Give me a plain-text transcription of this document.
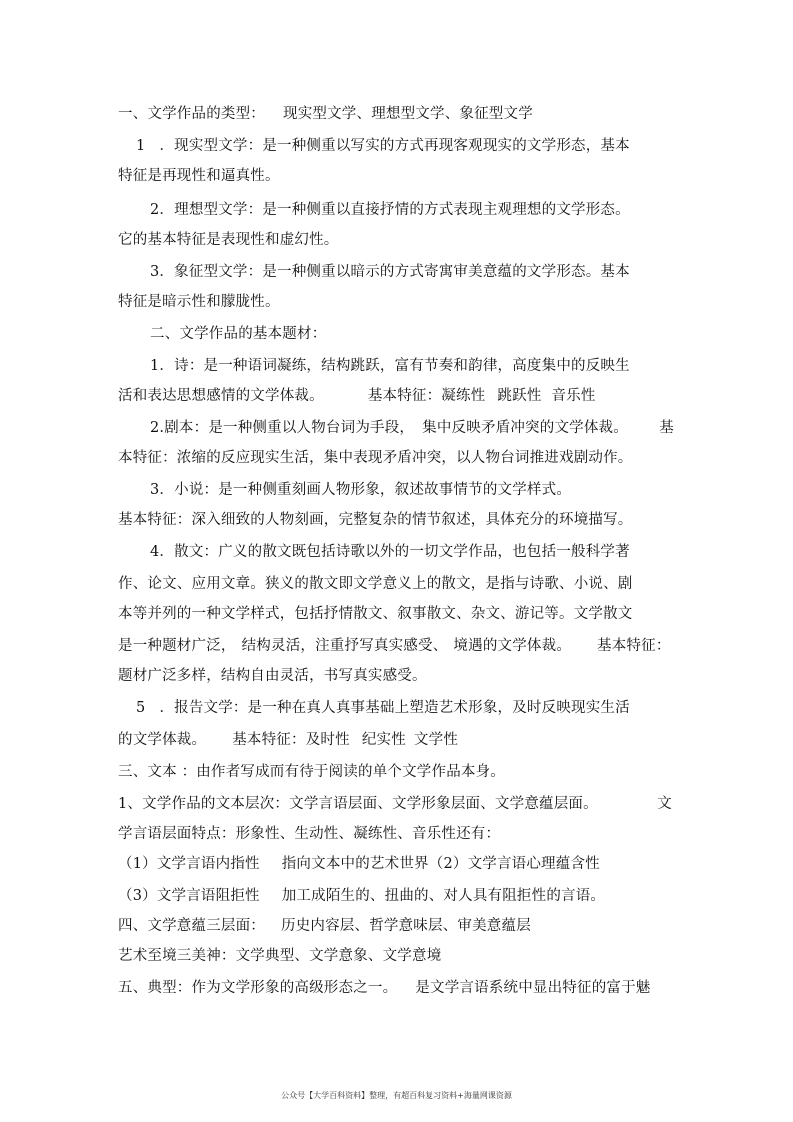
一、文学作品的类型： 现实型文学、理想型文学、象征型文学
1 ．现实型文学：是一种侧重以写实的方式再现客观现实的文学形态，基本
特征是再现性和逼真性。
2．理想型文学：是一种侧重以直接抒情的方式表现主观理想的文学形态。
它的基本特征是表现性和虚幻性。
3．象征型文学：是一种侧重以暗示的方式寄寓审美意蕴的文学形态。基本
特征是暗示性和朦胧性。
二、文学作品的基本题材：
1．诗：是一种语词凝练，结构跳跃，富有节奏和韵律，高度集中的反映生
活和表达思想感情的文学体裁。	基本特征：凝练性 跳跃性 音乐性
2.剧本：是一种侧重以人物台词为手段， 集中反映矛盾冲突的文学体裁。 基
本特征：浓缩的反应现实生活，集中表现矛盾冲突，以人物台词推进戏剧动作。
3．小说：是一种侧重刻画人物形象，叙述故事情节的文学样式。
基本特征：深入细致的人物刻画，完整复杂的情节叙述，具体充分的环境描写。
4．散文：广义的散文既包括诗歌以外的一切文学作品，也包括一般科学著
作、论文、应用文章。狭义的散文即文学意义上的散文，是指与诗歌、小说、剧
本等并列的一种文学样式，包括抒情散文、叙事散文、杂文、游记等。文学散文
是一种题材广泛， 结构灵活，注重抒写真实感受、 境遇的文学体裁。 基本特征：
题材广泛多样，结构自由灵活，书写真实感受。
5 ．报告文学：是一种在真人真事基础上塑造艺术形象，及时反映现实生活
的文学体裁。 基本特征：及时性 纪实性 文学性
三、文本 ：由作者写成而有待于阅读的单个文学作品本身。
1、文学作品的文本层次：文学言语层面、文学形象层面、文学意蕴层面。	文
学言语层面特点：形象性、生动性、凝练性、音乐性还有：
（1）文学言语内指性 指向文本中的艺术世界（2）文学言语心理蕴含性
（3）文学言语阻拒性 加工成陌生的、扭曲的、对人具有阻拒性的言语。
四、文学意蕴三层面： 历史内容层、哲学意味层、审美意蕴层
艺术至境三美神：文学典型、文学意象、文学意境
五、典型：作为文学形象的高级形态之一。 是文学言语系统中显出特征的富于魅
公众号【大学百科资料】整理，有超百科复习资料+海量网课资源
